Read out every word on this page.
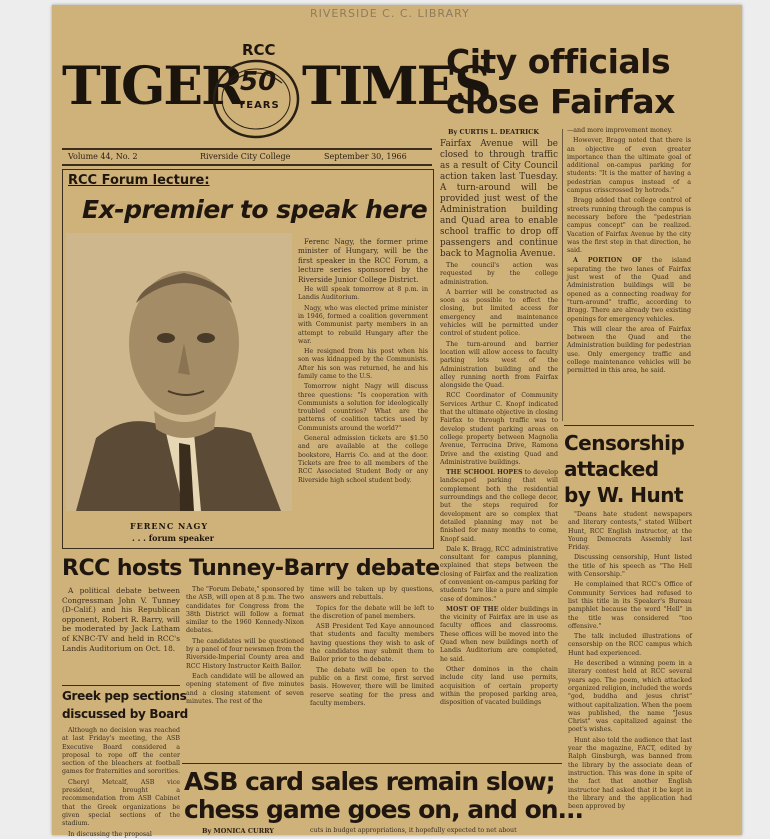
RIVERSIDE C. C. LIBRARY
TIGER TIMES
RCC
50
YEARS
Volume 44, No. 2	Riverside City College	September 30, 1966
City officials
close Fairfax
By CURTIS L. DEATRICK

Fairfax Avenue will be closed to through traffic as a result of City Council action taken last Tuesday. A turn-around will be provided just west of the Administration building and Quad area to enable school traffic to drop off passengers and continue back to Magnolia Avenue.

The council's action was requested by the college administration.

A barrier will be constructed as soon as possible to effect the closing, but limited access for emergency and maintenance vehicles will be permitted under control of student police.

The turn-around and barrier location will allow access to faculty parking lots west of the Administration building and the alley running north from Fairfax alongside the Quad.

RCC Coordinator of Community Services Arthur C. Knopf indicated that the ultimate objective in closing Fairfax to through traffic was to develop student parking areas on college property between Magnolia Avenue, Terracina Drive, Ramona Drive and the existing Quad and Administrative buildings.

THE SCHOOL HOPES to develop landscaped parking that will complement both the residential surroundings and the college decor, but the steps required for development are so complex that detailed planning may not be finished for many months to come, Knopf said.

Dale K. Bragg, RCC administrative consultant for campus planning, explained that steps between the closing of Fairfax and the realization of convenient on-campus parking for students "are like a pure and simple case of dominos."

MOST OF THE older buildings in the vicinity of Fairfax are in use as faculty offices and classrooms. These offices will be moved into the Quad when new buildings north of Landis Auditorium are completed, he said.

Other dominos in the chain include city land use permits, acquisition of certain property within the proposed parking area, disposition of vacated buildings

—and more improvement money.

However, Bragg noted that there is an objective of even greater importance than the ultimate goal of additional on-campus parking for students: "It is the matter of having a pedestrian campus instead of a campus crisscrossed by hotrods."

Bragg added that college control of streets running through the campus is necessary before the "pedestrian campus concept" can be realized. Vacation of Fairfax Avenue by the city was the first step in that direction, he said.

A PORTION OF the island separating the two lanes of Fairfax just west of the Quad and Administration buildings will be opened as a connecting roadway for "turn-around" traffic, according to Bragg. There are already two existing openings for emergency vehicles.

This will clear the area of Fairfax between the Quad and the Administration building for pedestrian use. Only emergency traffic and college maintenance vehicles will be permitted in this area, he said.

RCC Forum lecture:
Ex-premier to speak here
FERENC NAGY
. . . forum speaker

Ferenc Nagy, the former prime minister of Hungary, will be the first speaker in the RCC Forum, a lecture series sponsored by the Riverside Junior College District.

He will speak tomorrow at 8 p.m. in Landis Auditorium.

Nagy, who was elected prime minister in 1946, formed a coalition government with Communist party members in an attempt to rebuild Hungary after the war.

He resigned from his post when his son was kidnapped by the Communists. After his son was returned, he and his family came to the U.S.

Tomorrow night Nagy will discuss three questions: "Is cooperation with Communists a solution for ideologically troubled countries? What are the patterns of coalition tactics used by Communists around the world?"

General admission tickets are $1.50 and are available at the college bookstore, Harris Co. and at the door. Tickets are free to all members of the RCC Associated Student Body or any Riverside high school student body.

RCC hosts Tunney-Barry debate

A political debate between Congressman John V. Tunney (D-Calif.) and his Republican opponent, Robert R. Barry, will be moderated by Jack Latham of KNBC-TV and held in RCC's Landis Auditorium on Oct. 18.

The "Forum Debate," sponsored by the ASB, will open at 8 p.m. The two candidates for Congress from the 38th District will follow a format similar to the 1960 Kennedy-Nixon debates.

The candidates will be questioned by a panel of four newsmen from the Riverside-Imperial County area and RCC History Instructor Keith Bailor.

Each candidate will be allowed an opening statement of five minutes and a closing statement of seven minutes. The rest of the

time will be taken up by questions, answers and rebuttals.

Topics for the debate will be left to the discretion of panel members.

ASB President Ted Kaye announced that students and faculty members having questions they wish to ask of the candidates may submit them to Bailor prior to the debate.

The debate will be open to the public on a first come, first served basis. However, there will be limited reserve seating for the press and faculty members.

Greek pep sections
discussed by Board

Although no decision was reached at last Friday's meeting, the ASB Executive Board considered a proposal to rope off the center section of the bleachers at football games for fraternities and sororities.

Cheryl Metcalf, ASB vice president, brought a recommendation from ASB Cabinet that the Greek organizations be given special sections of the stadium.

In discussing the proposal

Censorship
attacked
by W. Hunt

"Deans hate student newspapers and literary contests," stated Wilbert Hunt, RCC English instructor, at the Young Democrats Assembly last Friday.

Discussing censorship, Hunt listed the title of his speech as "The Hell with Censorship."

He complained that RCC's Office of Community Services had refused to list this title in its Speaker's Bureau pamphlet because the word "Hell" in the title was considered "too offensive."

The talk included illustrations of censorship on the RCC campus which Hunt had experienced.

He described a winning poem in a literary contest held at RCC several years ago. The poem, which attacked organized religion, included the words "god, buddha and jesus christ" without capitalization. When the poem was published, the name "Jesus Christ" was capitalized against the poet's wishes.

Hunt also told the audience that last year the magazine, FACT, edited by Ralph Ginsburgh, was banned from the library by the associate dean of instruction. This was done in spite of the fact that another English instructor had asked that it be kept in the library and the application had been approved by

ASB card sales remain slow;
chess game goes on, and on...
By MONICA CURRY	cuts in budget appropriations, it hopefully expected to net about
